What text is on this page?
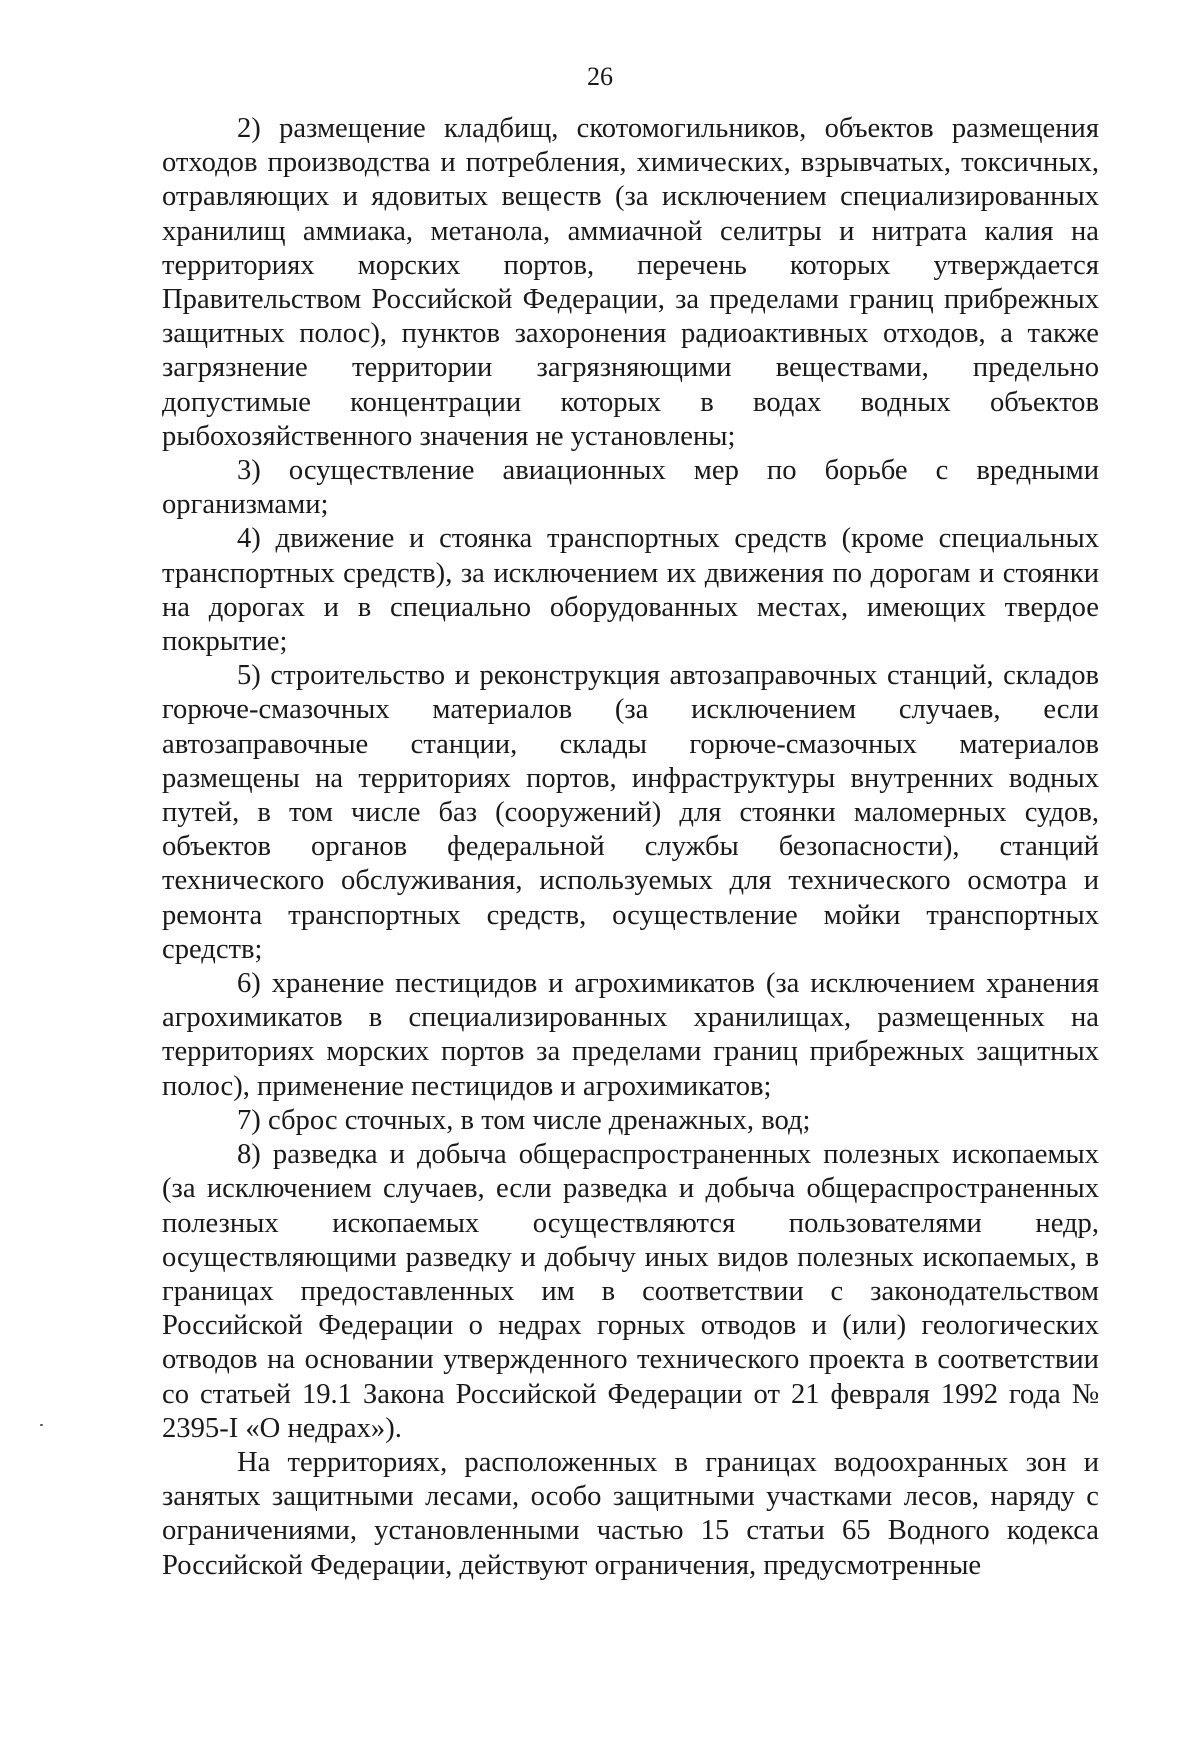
26

2) размещение кладбищ, скотомогильников, объектов размещения отходов производства и потребления, химических, взрывчатых, токсичных, отравляющих и ядовитых веществ (за исключением специализированных хранилищ аммиака, метанола, аммиачной селитры и нитрата калия на территориях морских портов, перечень которых утверждается Правительством Российской Федерации, за пределами границ прибрежных защитных полос), пунктов захоронения радиоактивных отходов, а также загрязнение территории загрязняющими веществами, предельно допустимые концентрации которых в водах водных объектов рыбохозяйственного значения не установлены;

3) осуществление авиационных мер по борьбе с вредными организмами;

4) движение и стоянка транспортных средств (кроме специальных транспортных средств), за исключением их движения по дорогам и стоянки на дорогах и в специально оборудованных местах, имеющих твердое покрытие;

5) строительство и реконструкция автозаправочных станций, складов горюче-смазочных материалов (за исключением случаев, если автозаправочные станции, склады горюче-смазочных материалов размещены на территориях портов, инфраструктуры внутренних водных путей, в том числе баз (сооружений) для стоянки маломерных судов, объектов органов федеральной службы безопасности), станций технического обслуживания, используемых для технического осмотра и ремонта транспортных средств, осуществление мойки транспортных средств;

6) хранение пестицидов и агрохимикатов (за исключением хранения агрохимикатов в специализированных хранилищах, размещенных на территориях морских портов за пределами границ прибрежных защитных полос), применение пестицидов и агрохимикатов;

7) сброс сточных, в том числе дренажных, вод;

8) разведка и добыча общераспространенных полезных ископаемых (за исключением случаев, если разведка и добыча общераспространенных полезных ископаемых осуществляются пользователями недр, осуществляющими разведку и добычу иных видов полезных ископаемых, в границах предоставленных им в соответствии с законодательством Российской Федерации о недрах горных отводов и (или) геологических отводов на основании утвержденного технического проекта в соответствии со статьей 19.1 Закона Российской Федерации от 21 февраля 1992 года № 2395-I «О недрах»).

На территориях, расположенных в границах водоохранных зон и занятых защитными лесами, особо защитными участками лесов, наряду с ограничениями, установленными частью 15 статьи 65 Водного кодекса Российской Федерации, действуют ограничения, предусмотренные
